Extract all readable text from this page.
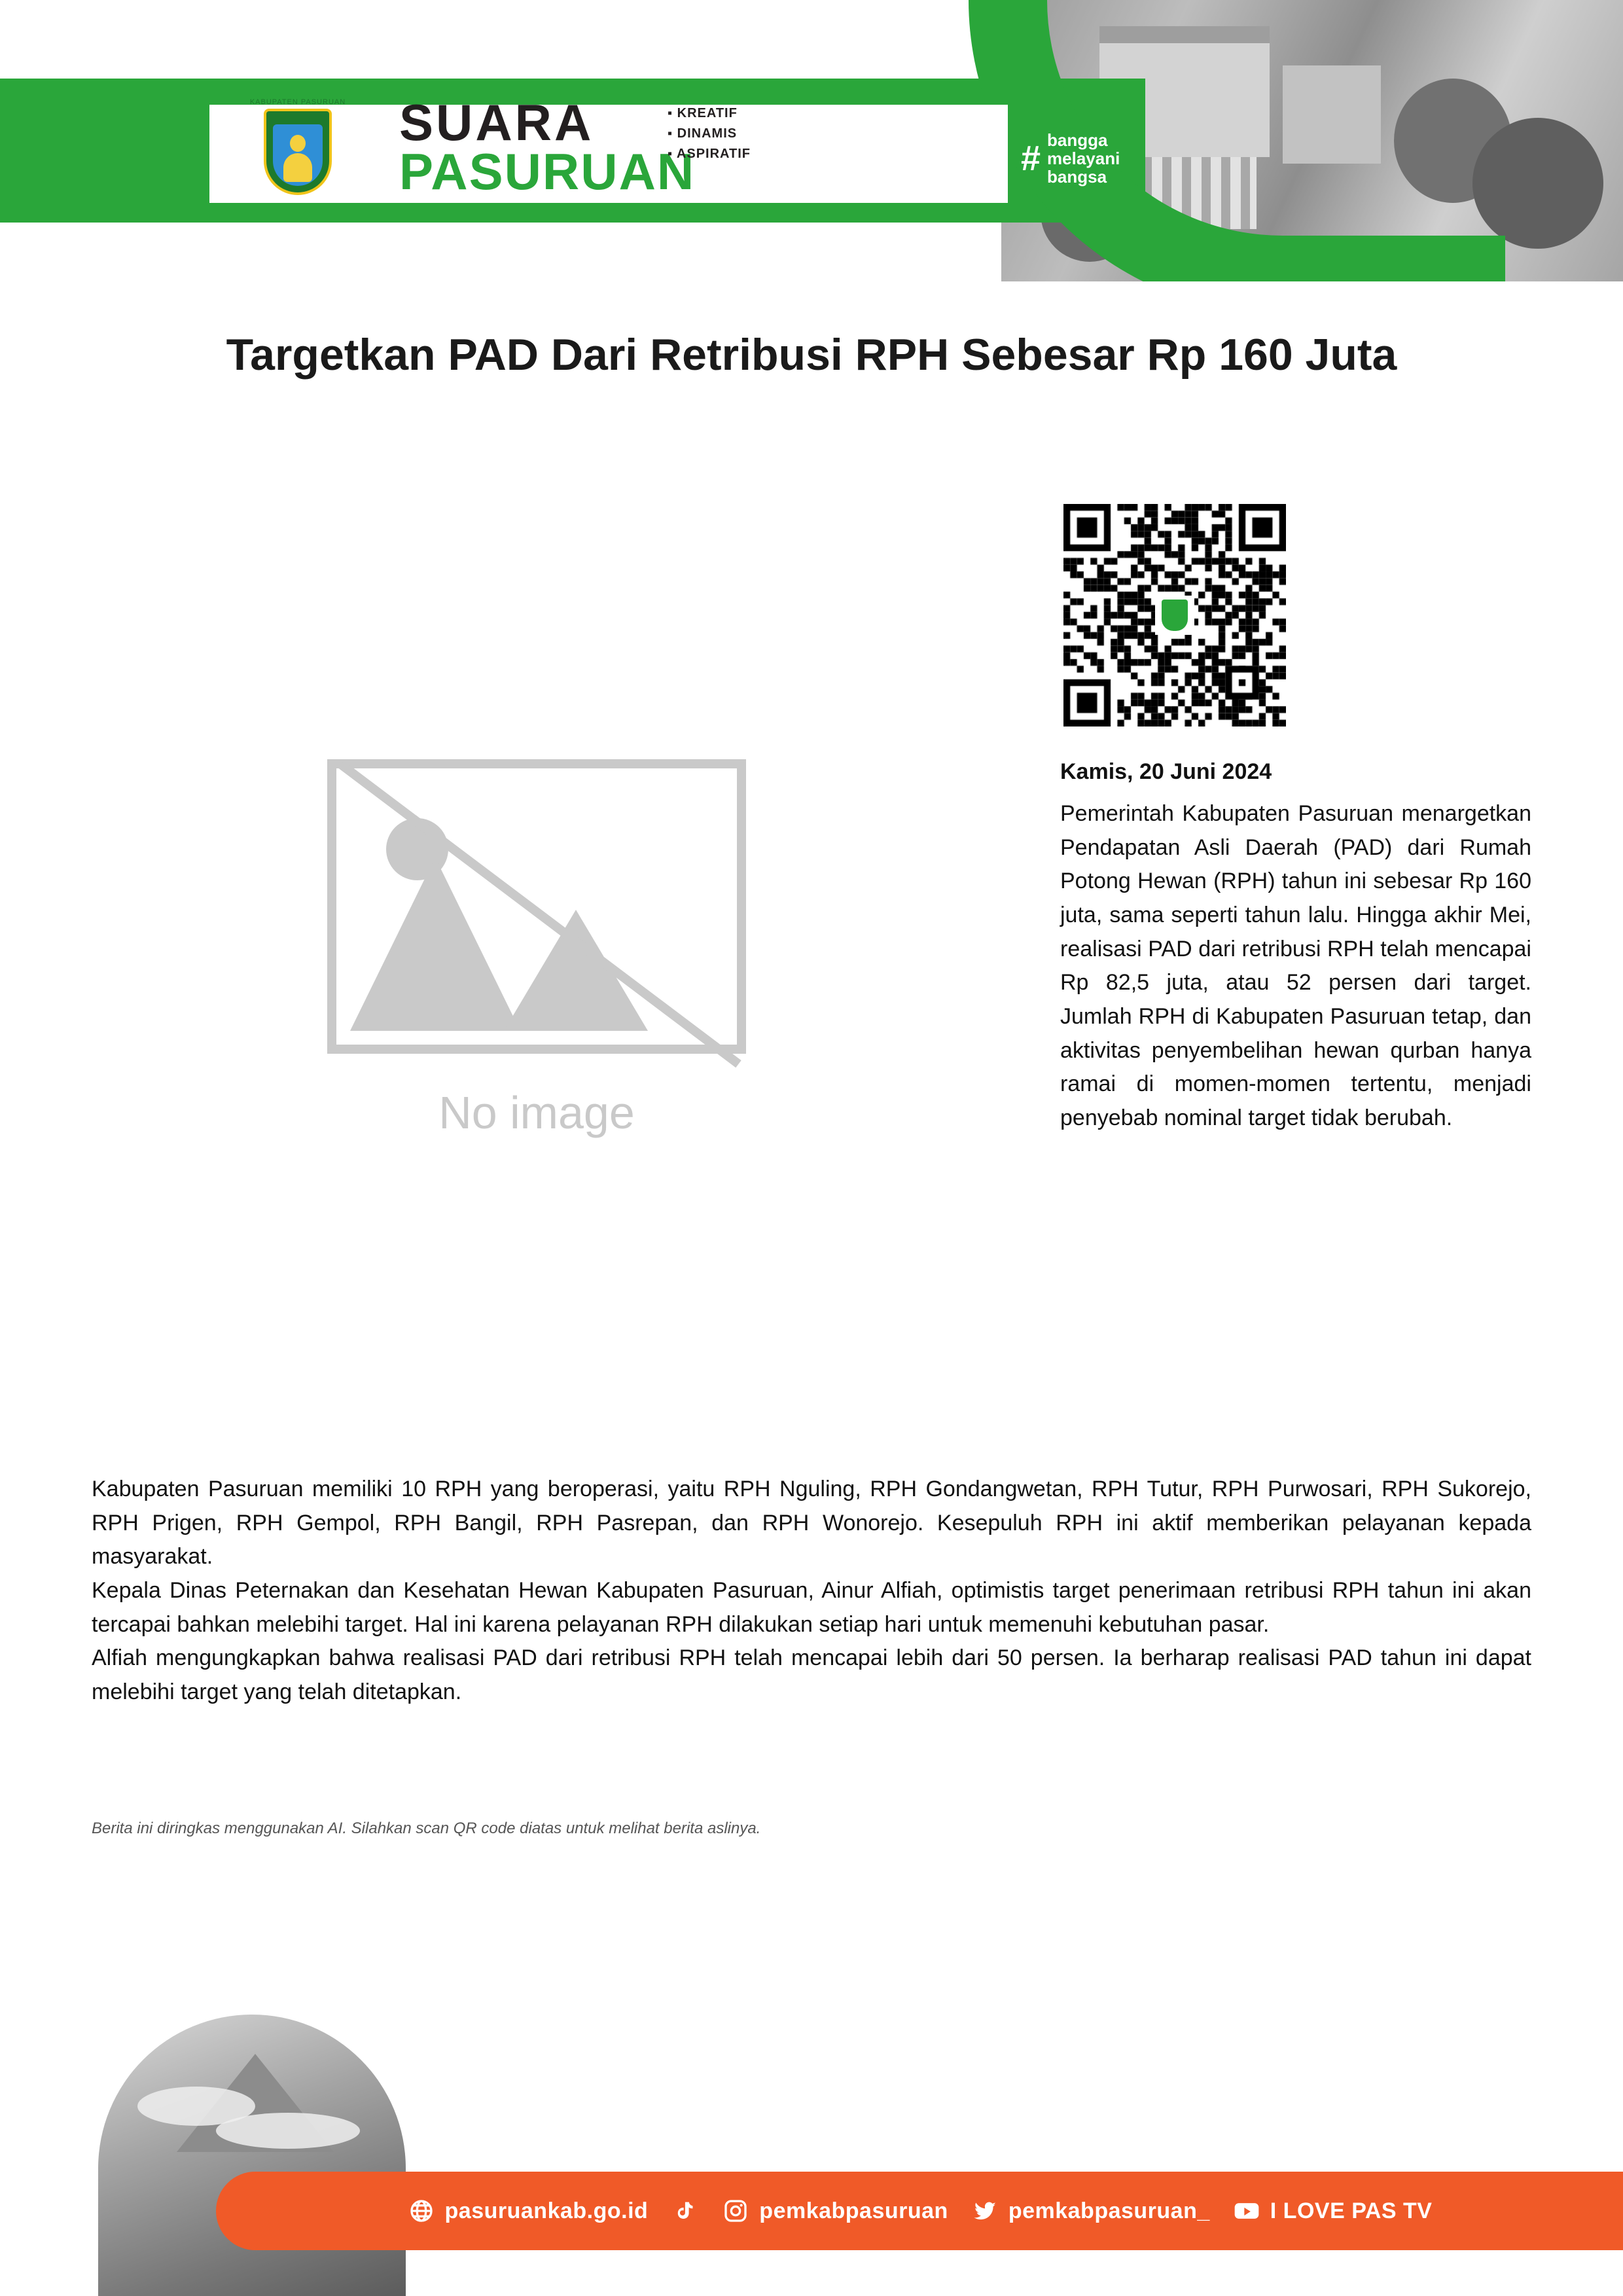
KABUPATEN PASURUAN SUARA
PASURUAN
▪ KREATIF
▪ DINAMIS
▪ ASPIRATIF	BerAKHLAK
Berorientasi Pelayanan, Akuntabel, Kompeten, Harmonis, Loyal, Adaptif, Kolaboratif
# bangga
melayani
bangsa
Targetkan PAD Dari Retribusi RPH Sebesar Rp 160 Juta
No image
Kamis, 20 Juni 2024
Pemerintah Kabupaten Pasuruan menargetkan Pendapatan Asli Daerah (PAD) dari Rumah Potong Hewan (RPH) tahun ini sebesar Rp 160 juta, sama seperti tahun lalu. Hingga akhir Mei, realisasi PAD dari retribusi RPH telah mencapai Rp 82,5 juta, atau 52 persen dari target. Jumlah RPH di Kabupaten Pasuruan tetap, dan aktivitas penyembelihan hewan qurban hanya ramai di momen-momen tertentu, menjadi penyebab nominal target tidak berubah.

Kabupaten Pasuruan memiliki 10 RPH yang beroperasi, yaitu RPH Nguling, RPH Gondangwetan, RPH Tutur, RPH Purwosari, RPH Sukorejo, RPH Prigen, RPH Gempol, RPH Bangil, RPH Pasrepan, dan RPH Wonorejo. Kesepuluh RPH ini aktif memberikan pelayanan kepada masyarakat.

Kepala Dinas Peternakan dan Kesehatan Hewan Kabupaten Pasuruan, Ainur Alfiah, optimistis target penerimaan retribusi RPH tahun ini akan tercapai bahkan melebihi target. Hal ini karena pelayanan RPH dilakukan setiap hari untuk memenuhi kebutuhan pasar.

Alfiah mengungkapkan bahwa realisasi PAD dari retribusi RPH telah mencapai lebih dari 50 persen. Ia berharap realisasi PAD tahun ini dapat melebihi target yang telah ditetapkan.

Berita ini diringkas menggunakan AI. Silahkan scan QR code diatas untuk melihat berita aslinya.
pasuruankab.go.id	pemkabpasuruan	pemkabpasuruan_	I LOVE PAS TV
